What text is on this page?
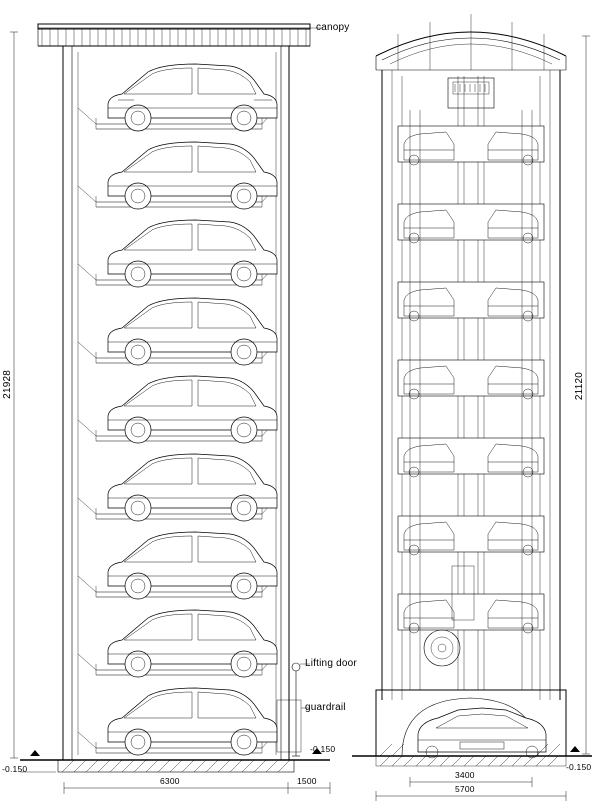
canopy
Lifting door
guardrail
21928	21120
-0.150
-0.150
-0.150
6300	1500
3400
5700
